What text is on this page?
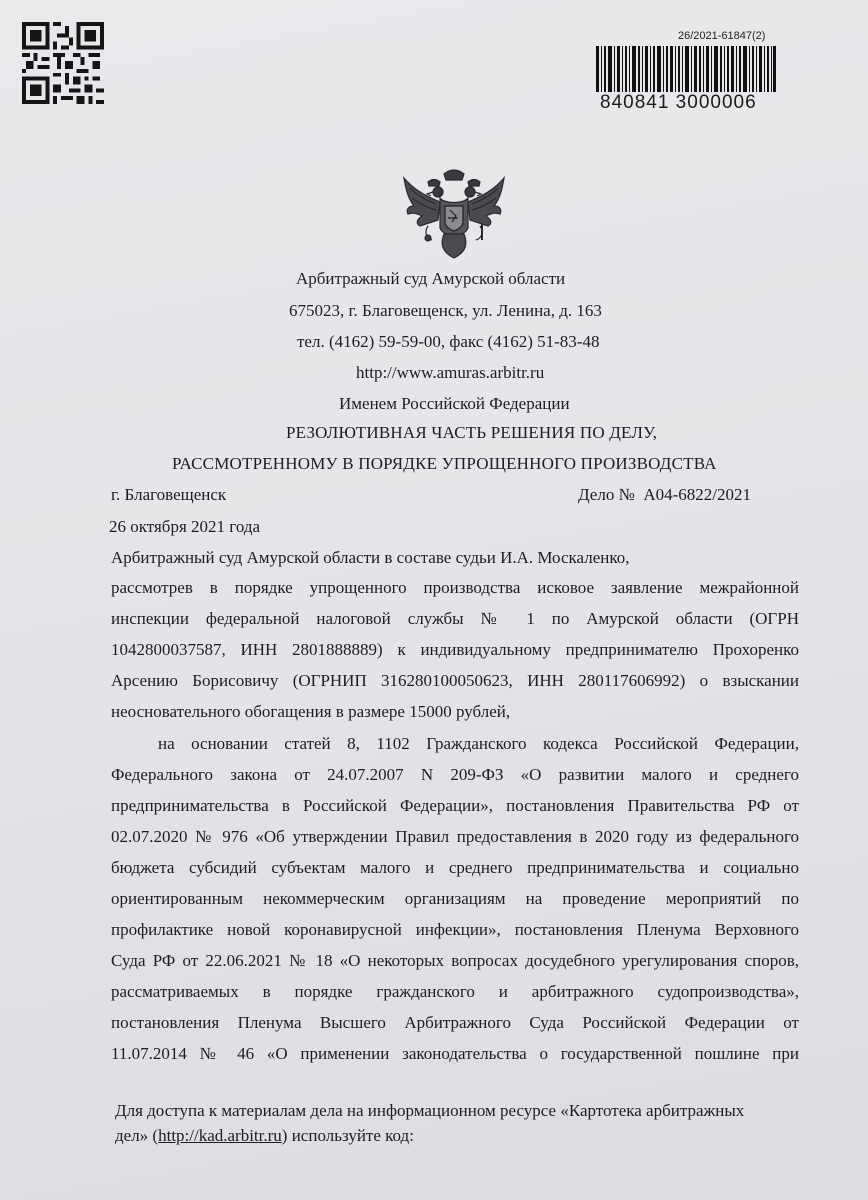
26/2021-61847(2)
840841 3000006
Арбитражный суд Амурской области
675023, г. Благовещенск, ул. Ленина, д. 163
тел. (4162) 59-59-00, факс (4162) 51-83-48
http://www.amuras.arbitr.ru
Именем Российской Федерации
РЕЗОЛЮТИВНАЯ ЧАСТЬ РЕШЕНИЯ ПО ДЕЛУ,
РАССМОТРЕННОМУ В ПОРЯДКЕ УПРОЩЕННОГО ПРОИЗВОДСТВА
г. Благовещенск	Дело № А04-6822/2021
26 октября 2021 года
Арбитражный суд Амурской области в составе судьи И.А. Москаленко,
рассмотрев в порядке упрощенного производства исковое заявление межрайонной
инспекции федеральной налоговой службы № 1 по Амурской области (ОГРН
1042800037587, ИНН 2801888889) к индивидуальному предпринимателю Прохоренко
Арсению Борисовичу (ОГРНИП 316280100050623, ИНН 280117606992) о взыскании
неосновательного обогащения в размере 15000 рублей,
на основании статей 8, 1102 Гражданского кодекса Российской Федерации,
Федерального закона от 24.07.2007 N 209-ФЗ «О развитии малого и среднего
предпринимательства в Российской Федерации», постановления Правительства РФ от
02.07.2020 № 976 «Об утверждении Правил предоставления в 2020 году из федерального
бюджета субсидий субъектам малого и среднего предпринимательства и социально
ориентированным некоммерческим организациям на проведение мероприятий по
профилактике новой коронавирусной инфекции», постановления Пленума Верховного
Суда РФ от 22.06.2021 № 18 «О некоторых вопросах досудебного урегулирования споров,
рассматриваемых в порядке гражданского и арбитражного судопроизводства»,
постановления Пленума Высшего Арбитражного Суда Российской Федерации от
11.07.2014 № 46 «О применении законодательства о государственной пошлине при
Для доступа к материалам дела на информационном ресурсе «Картотека арбитражных
дел» (http://kad.arbitr.ru) используйте код:
